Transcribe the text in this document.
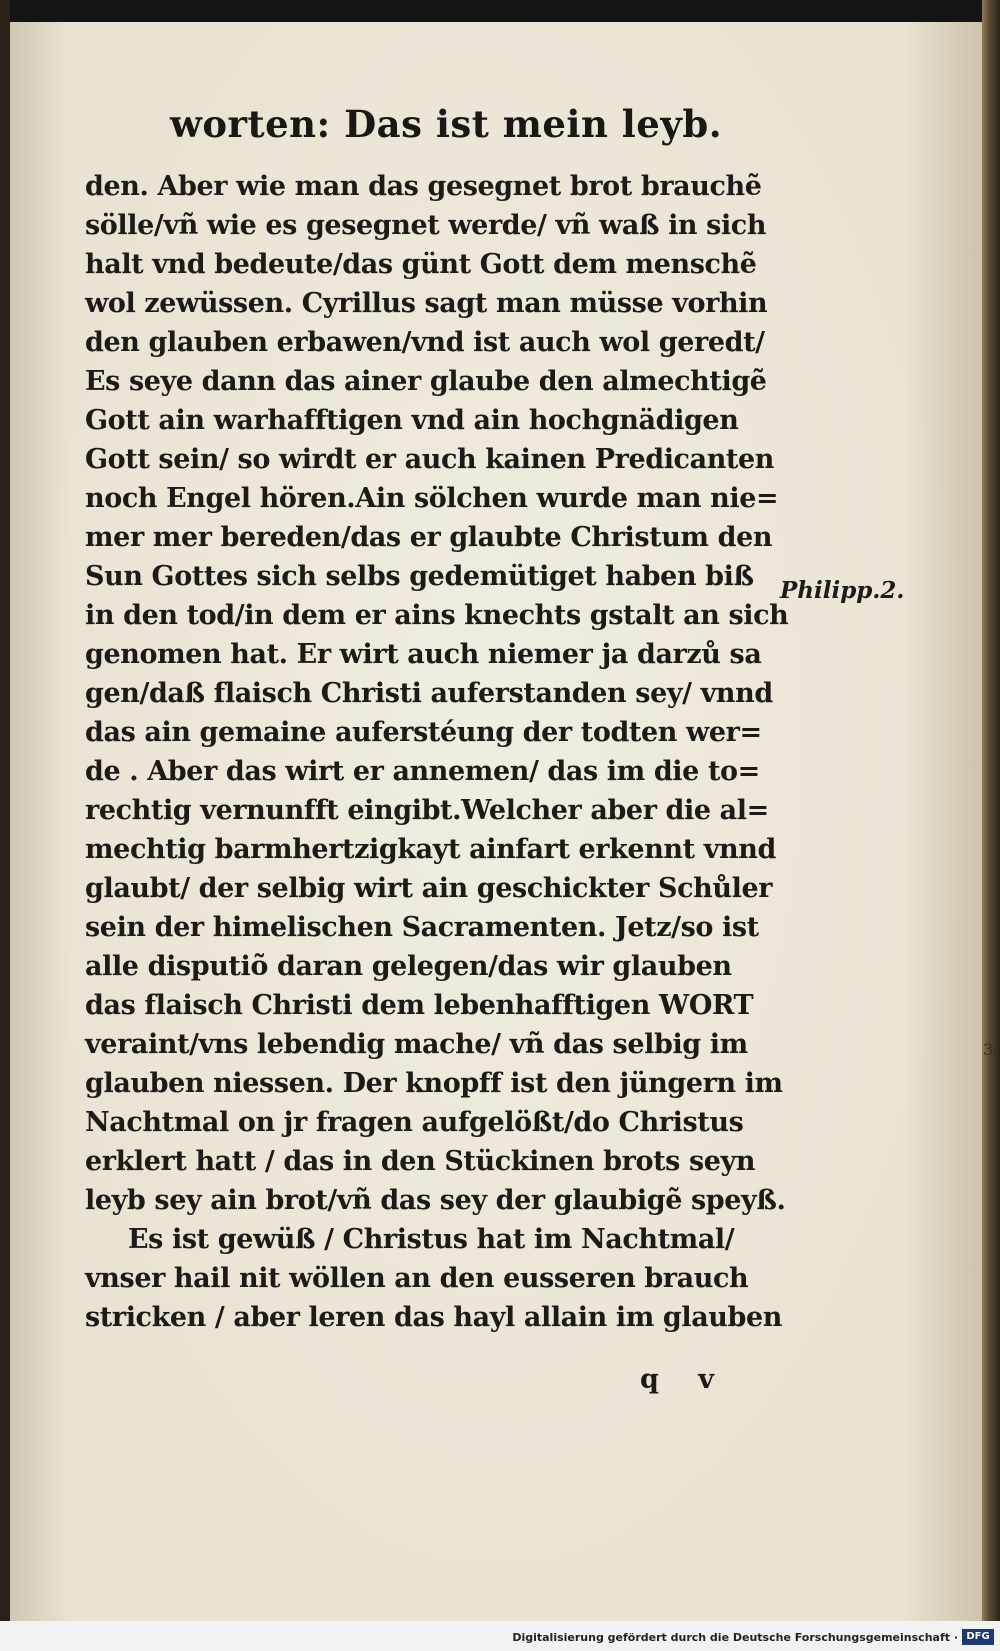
worten: Das ist mein leyb.
den. Aber wie man das gesegnet brot brauchẽ
sölle/vñ wie es gesegnet werde/ vñ waß in sich
halt vnd bedeute/das günt Gott dem menschẽ
wol zewüssen. Cyrillus sagt man müsse vorhin
den glauben erbawen/vnd ist auch wol geredt/
Es seye dann das ainer glaube den almechtigẽ
Gott ain warhafftigen vnd ain hochgnädigen
Gott sein/ so wirdt er auch kainen Predicanten
noch Engel hören.Ain sölchen wurde man nie=
mer mer bereden/das er glaubte Christum den
Sun Gottes sich selbs gedemütiget haben biß
in den tod/in dem er ains knechts gstalt an sich
genomen hat. Er wirt auch niemer ja darzů sa
gen/daß flaisch Christi auferstanden sey/ vnnd
das ain gemaine auferstéung der todten wer=
de . Aber das wirt er annemen/ das im die to=
rechtig vernunfft eingibt.Welcher aber die al=
mechtig barmhertzigkayt ainfart erkennt vnnd
glaubt/ der selbig wirt ain geschickter Schůler
sein der himelischen Sacramenten. Jetz/so ist
alle disputiõ daran gelegen/das wir glauben
das flaisch Christi dem lebenhafftigen WORT
veraint/vns lebendig mache/ vñ das selbig im
glauben niessen. Der knopff ist den jüngern im
Nachtmal on jr fragen aufgelößt/do Christus
erklert hatt / das in den Stückinen brots seyn
leyb sey ain brot/vñ das sey der glaubigẽ speyß.
Es ist gewüß / Christus hat im Nachtmal/
vnser hail nit wöllen an den eusseren brauch
stricken / aber leren das hayl allain im glauben
Philipp.2.
q v
3.
Digitalisierung gefördert durch die Deutsche Forschungsgemeinschaft · DFG
